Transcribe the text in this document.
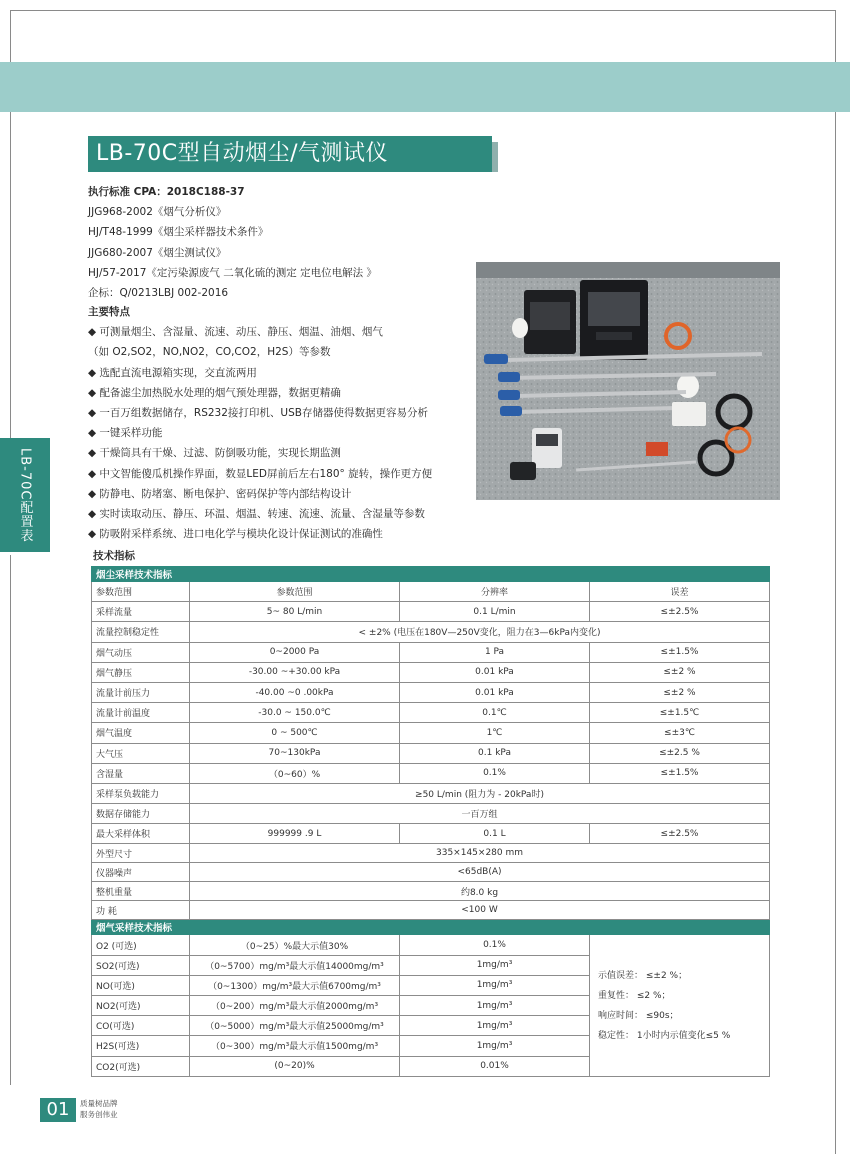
LB-70C配置表
LB-70C型自动烟尘/气测试仪
执行标准 CPA：2018C188-37
JJG968-2002《烟气分析仪》
HJ/T48-1999《烟尘采样器技术条件》
JJG680-2007《烟尘测试仪》
HJ/57-2017《定污染源废气 二氧化硫的测定 定电位电解法 》
企标：Q/0213LBJ 002-2016
主要特点
◆ 可测量烟尘、含湿量、流速、动压、静压、烟温、油烟、烟气
（如 O2,SO2，NO,NO2，CO,CO2，H2S）等参数
◆ 选配直流电源箱实现，交直流两用
◆ 配备滤尘加热脱水处理的烟气预处理器，数据更精确
◆ 一百万组数据储存，RS232接打印机、USB存储器使得数据更容易分析
◆ 一键采样功能
◆ 干燥筒具有干燥、过滤、防倒吸功能，实现长期监测
◆ 中文智能傻瓜机操作界面，数显LED屏前后左右180° 旋转，操作更方便
◆ 防静电、防堵塞、断电保护、密码保护等内部结构设计
◆ 实时读取动压、静压、环温、烟温、转速、流速、流量、含湿量等参数
◆ 防吸附采样系统、进口电化学与模块化设计保证测试的准确性
技术指标
烟尘采样技术指标			
参数范围	参数范围	分辨率	误差
采样流量	5~ 80 L/min	0.1 L/min	≤±2.5%
流量控制稳定性	< ±2% (电压在180V—250V变化，阻力在3—6kPa内变化)		
烟气动压	0~2000 Pa	1 Pa	≤±1.5%
烟气静压	-30.00 ~+30.00 kPa	0.01 kPa	≤±2 %
流量计前压力	-40.00 ~0 .00kPa	0.01 kPa	≤±2 %
流量计前温度	-30.0 ~ 150.0℃	0.1℃	≤±1.5℃
烟气温度	0 ~ 500℃	1℃	≤±3℃
大气压	70~130kPa	0.1 kPa	≤±2.5 %
含湿量	（0~60）%	0.1%	≤±1.5%
采样泵负载能力	≥50 L/min (阻力为 - 20kPa时)		
数据存储能力	一百万组		
最大采样体积	999999 .9 L	0.1 L	≤±2.5%
外型尺寸	335×145×280 mm		
仪器噪声	<65dB(A)		
整机重量	约8.0 kg		
功 耗	<100 W		
烟气采样技术指标			
O2 (可选)	（0~25）%最大示值30%	0.1%	示值误差： ≤±2 %；
重复性： ≤2 %；
响应时间： ≤90s；
稳定性： 1小时内示值变化≤5 %

SO2(可选)	（0~5700）mg/m³最大示值14000mg/m³	1mg/m³	
NO(可选)	（0~1300）mg/m³最大示值6700mg/m³	1mg/m³	
NO2(可选)	（0~200）mg/m³最大示值2000mg/m³	1mg/m³	
CO(可选)	（0~5000）mg/m³最大示值25000mg/m³	1mg/m³	
H2S(可选)	（0~300）mg/m³最大示值1500mg/m³	1mg/m³	
CO2(可选)	(0~20)%	0.01%	
01	质量树品牌
服务创伟业
